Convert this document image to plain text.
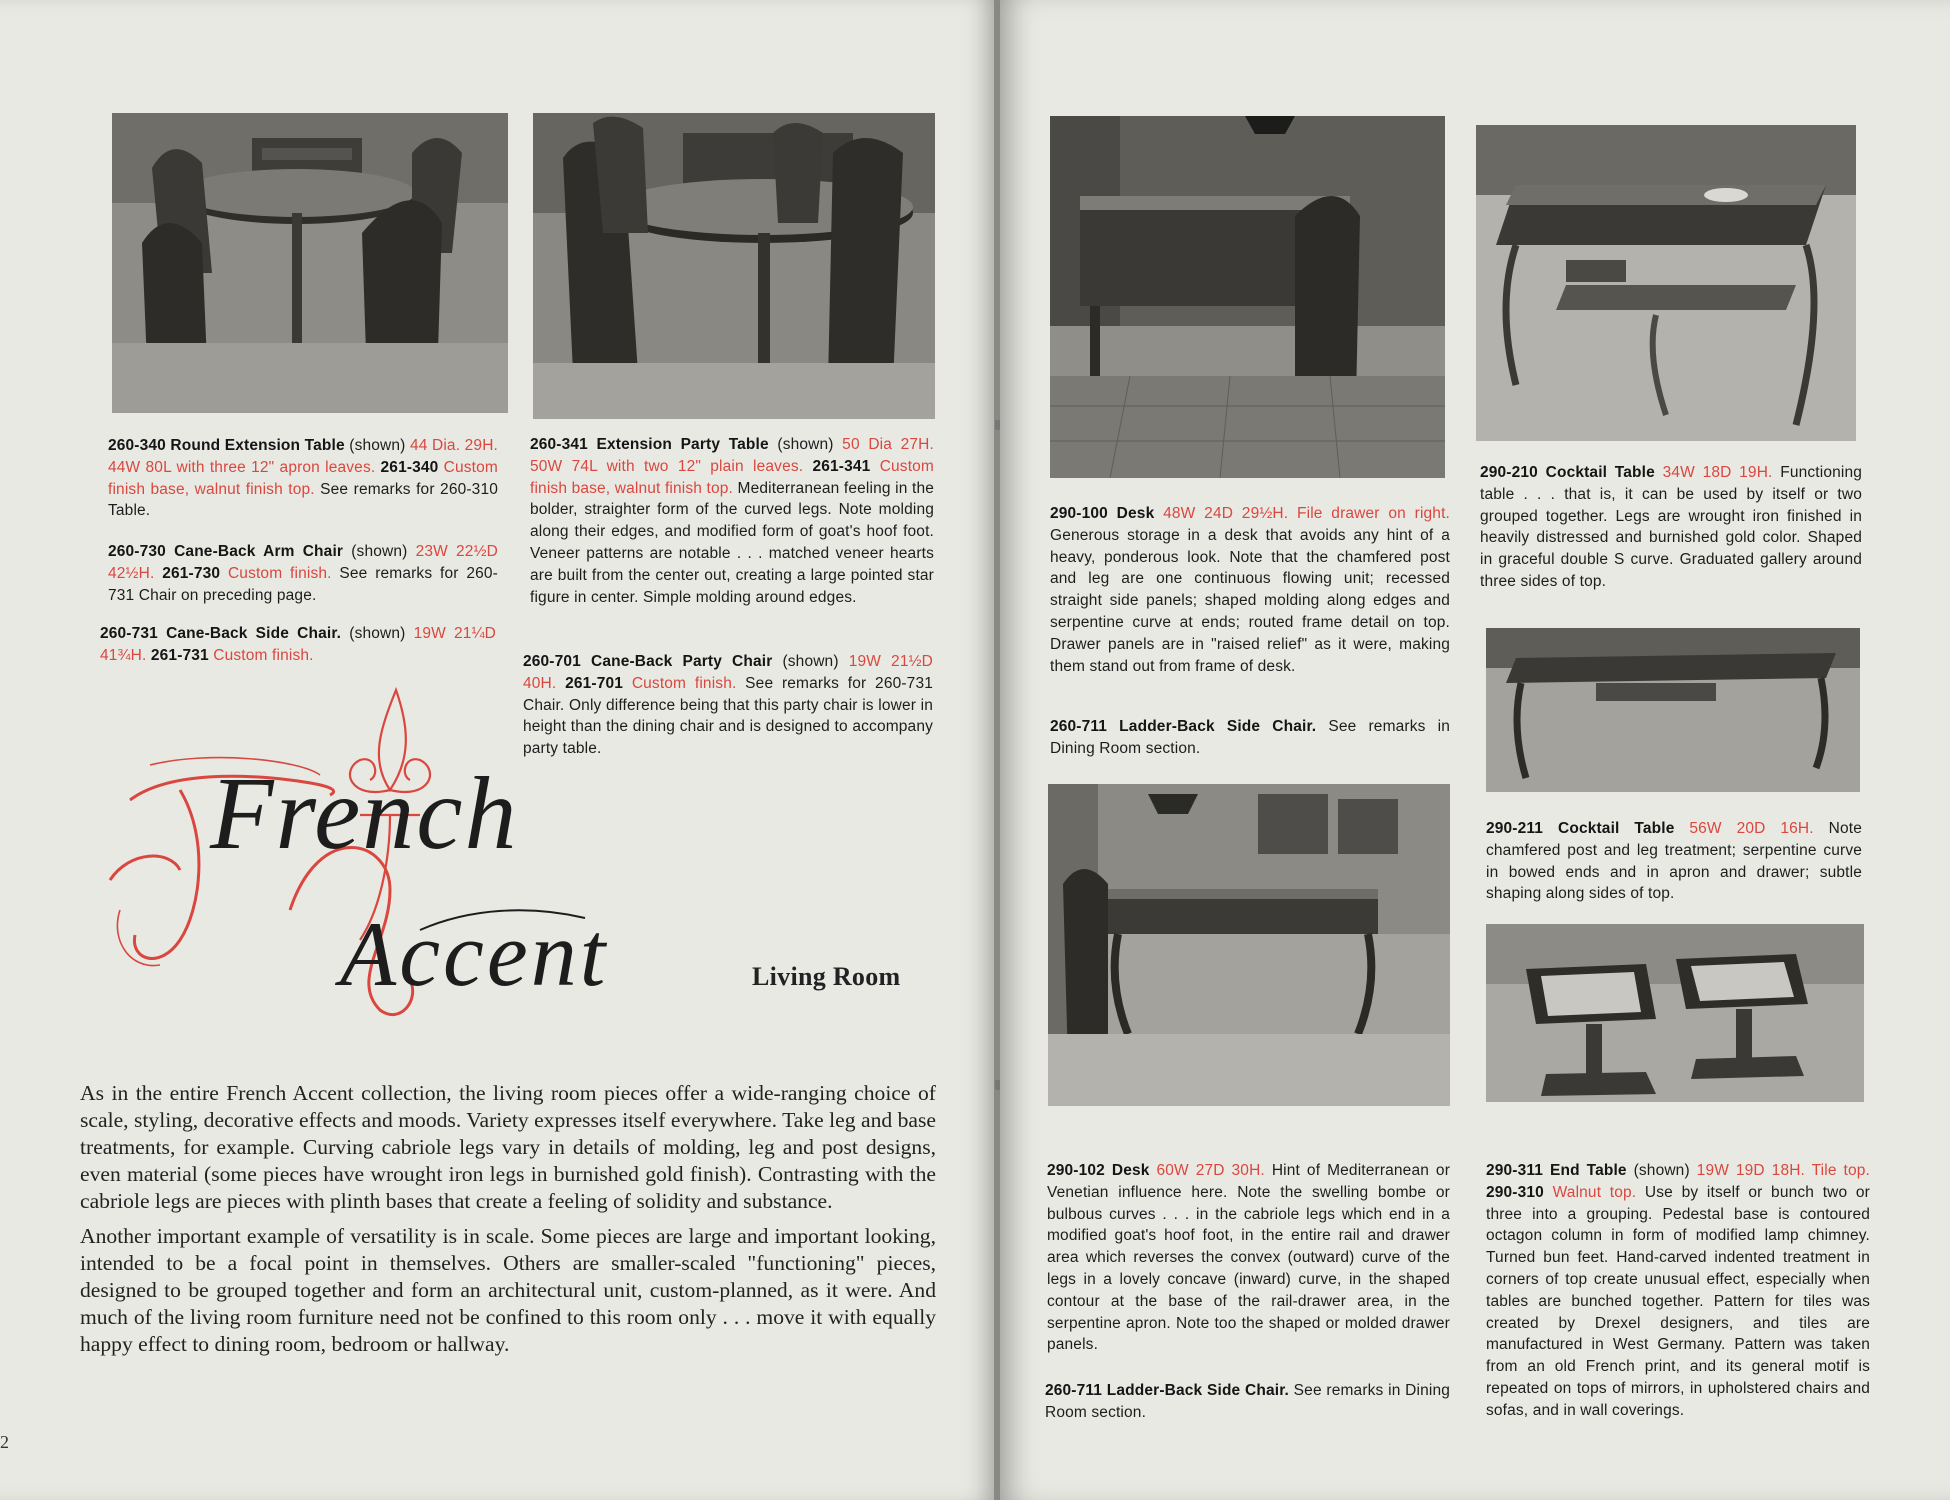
260-340 Round Extension Table (shown) 44 Dia. 29H. 44W 80L with three 12" apron leaves. 261-340 Custom finish base, walnut finish top. See remarks for 260-310 Table.

260-730 Cane-Back Arm Chair (shown) 23W 22½D 42½H. 261-730 Custom finish. See remarks for 260-731 Chair on preceding page.

260-731 Cane-Back Side Chair. (shown) 19W 21¼D 41¾H. 261-731 Custom finish.

260-341 Extension Party Table (shown) 50 Dia 27H. 50W 74L with two 12" plain leaves. 261-341 Custom finish base, walnut finish top. Mediterranean feeling in the bolder, straighter form of the curved legs. Note molding along their edges, and modified form of goat's hoof foot. Veneer patterns are notable . . . matched veneer hearts are built from the center out, creating a large pointed star figure in center. Simple molding around edges.

260-701 Cane-Back Party Chair (shown) 19W 21½D 40H. 261-701 Custom finish. See remarks for 260-731 Chair. Only difference being that this party chair is lower in height than the dining chair and is designed to accompany party table.

French
Accent	Living Room

As in the entire French Accent collection, the living room pieces offer a wide-ranging choice of scale, styling, decorative effects and moods. Variety expresses itself everywhere. Take leg and base treatments, for example. Curving cabriole legs vary in details of molding, leg and post designs, even material (some pieces have wrought iron legs in burnished gold finish). Contrasting with the cabriole legs are pieces with plinth bases that create a feeling of solidity and substance.

Another important example of versatility is in scale. Some pieces are large and important looking, intended to be a focal point in themselves. Others are smaller-scaled "functioning" pieces, designed to be grouped together and form an architectural unit, custom-planned, as it were. And much of the living room furniture need not be confined to this room only . . . move it with equally happy effect to dining room, bedroom or hallway.

2

290-100 Desk 48W 24D 29½H. File drawer on right. Generous storage in a desk that avoids any hint of a heavy, ponderous look. Note that the chamfered post and leg are one continuous flowing unit; recessed straight side panels; shaped molding along edges and serpentine curve at ends; routed frame detail on top. Drawer panels are in "raised relief" as it were, making them stand out from frame of desk.

260-711 Ladder-Back Side Chair. See remarks in Dining Room section.

290-102 Desk 60W 27D 30H. Hint of Mediterranean or Venetian influence here. Note the swelling bombe or bulbous curves . . . in the cabriole legs which end in a modified goat's hoof foot, in the entire rail and drawer area which reverses the convex (outward) curve of the legs in a lovely concave (inward) curve, in the shaped contour at the base of the rail-drawer area, in the serpentine apron. Note too the shaped or molded drawer panels.

260-711 Ladder-Back Side Chair. See remarks in Dining Room section.

290-210 Cocktail Table 34W 18D 19H. Functioning table . . . that is, it can be used by itself or two grouped together. Legs are wrought iron finished in heavily distressed and burnished gold color. Shaped in graceful double S curve. Graduated gallery around three sides of top.

290-211 Cocktail Table 56W 20D 16H. Note chamfered post and leg treatment; serpentine curve in bowed ends and in apron and drawer; subtle shaping along sides of top.

290-311 End Table (shown) 19W 19D 18H. Tile top. 290-310 Walnut top. Use by itself or bunch two or three into a grouping. Pedestal base is contoured octagon column in form of modified lamp chimney. Turned bun feet. Hand-carved indented treatment in corners of top create unusual effect, especially when tables are bunched together. Pattern for tiles was created by Drexel designers, and tiles are manufactured in West Germany. Pattern was taken from an old French print, and its general motif is repeated on tops of mirrors, in upholstered chairs and sofas, and in wall coverings.
